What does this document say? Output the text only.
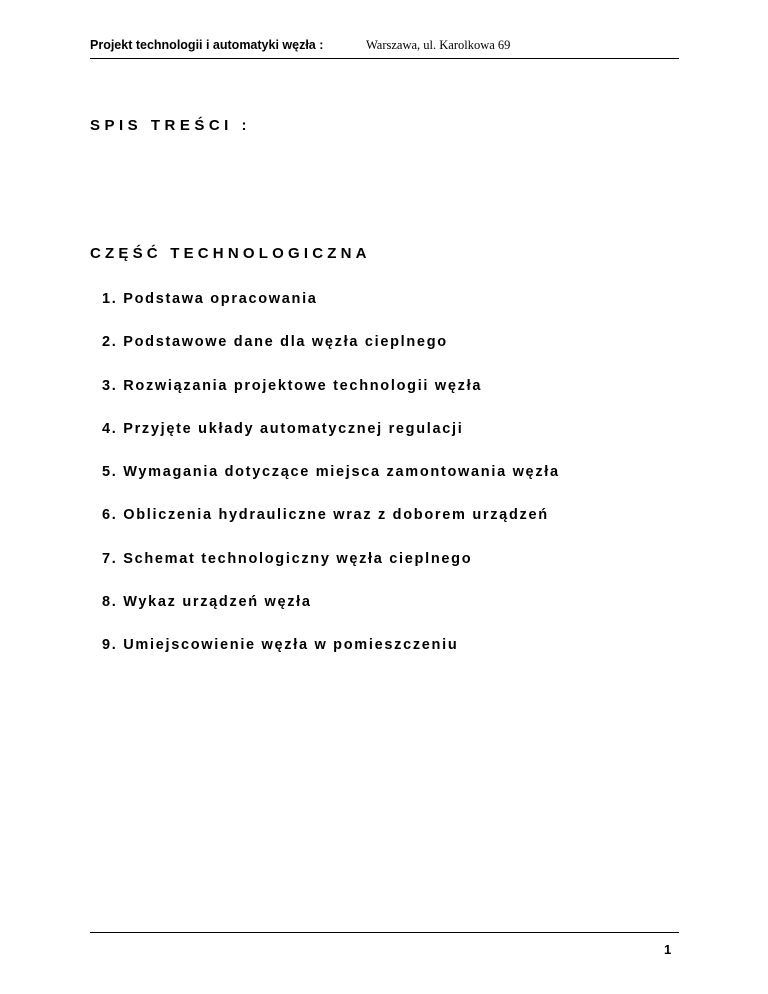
Projekt technologii i automatyki węzła :	Warszawa, ul. Karolkowa 69
SPIS TREŚCI :
CZĘŚĆ TECHNOLOGICZNA
1. Podstawa opracowania
2. Podstawowe dane dla węzła cieplnego
3. Rozwiązania projektowe technologii węzła
4. Przyjęte układy automatycznej regulacji
5. Wymagania dotyczące miejsca zamontowania węzła
6. Obliczenia hydrauliczne wraz z doborem urządzeń
7. Schemat technologiczny węzła cieplnego
8. Wykaz urządzeń węzła
9. Umiejscowienie węzła w pomieszczeniu
1
